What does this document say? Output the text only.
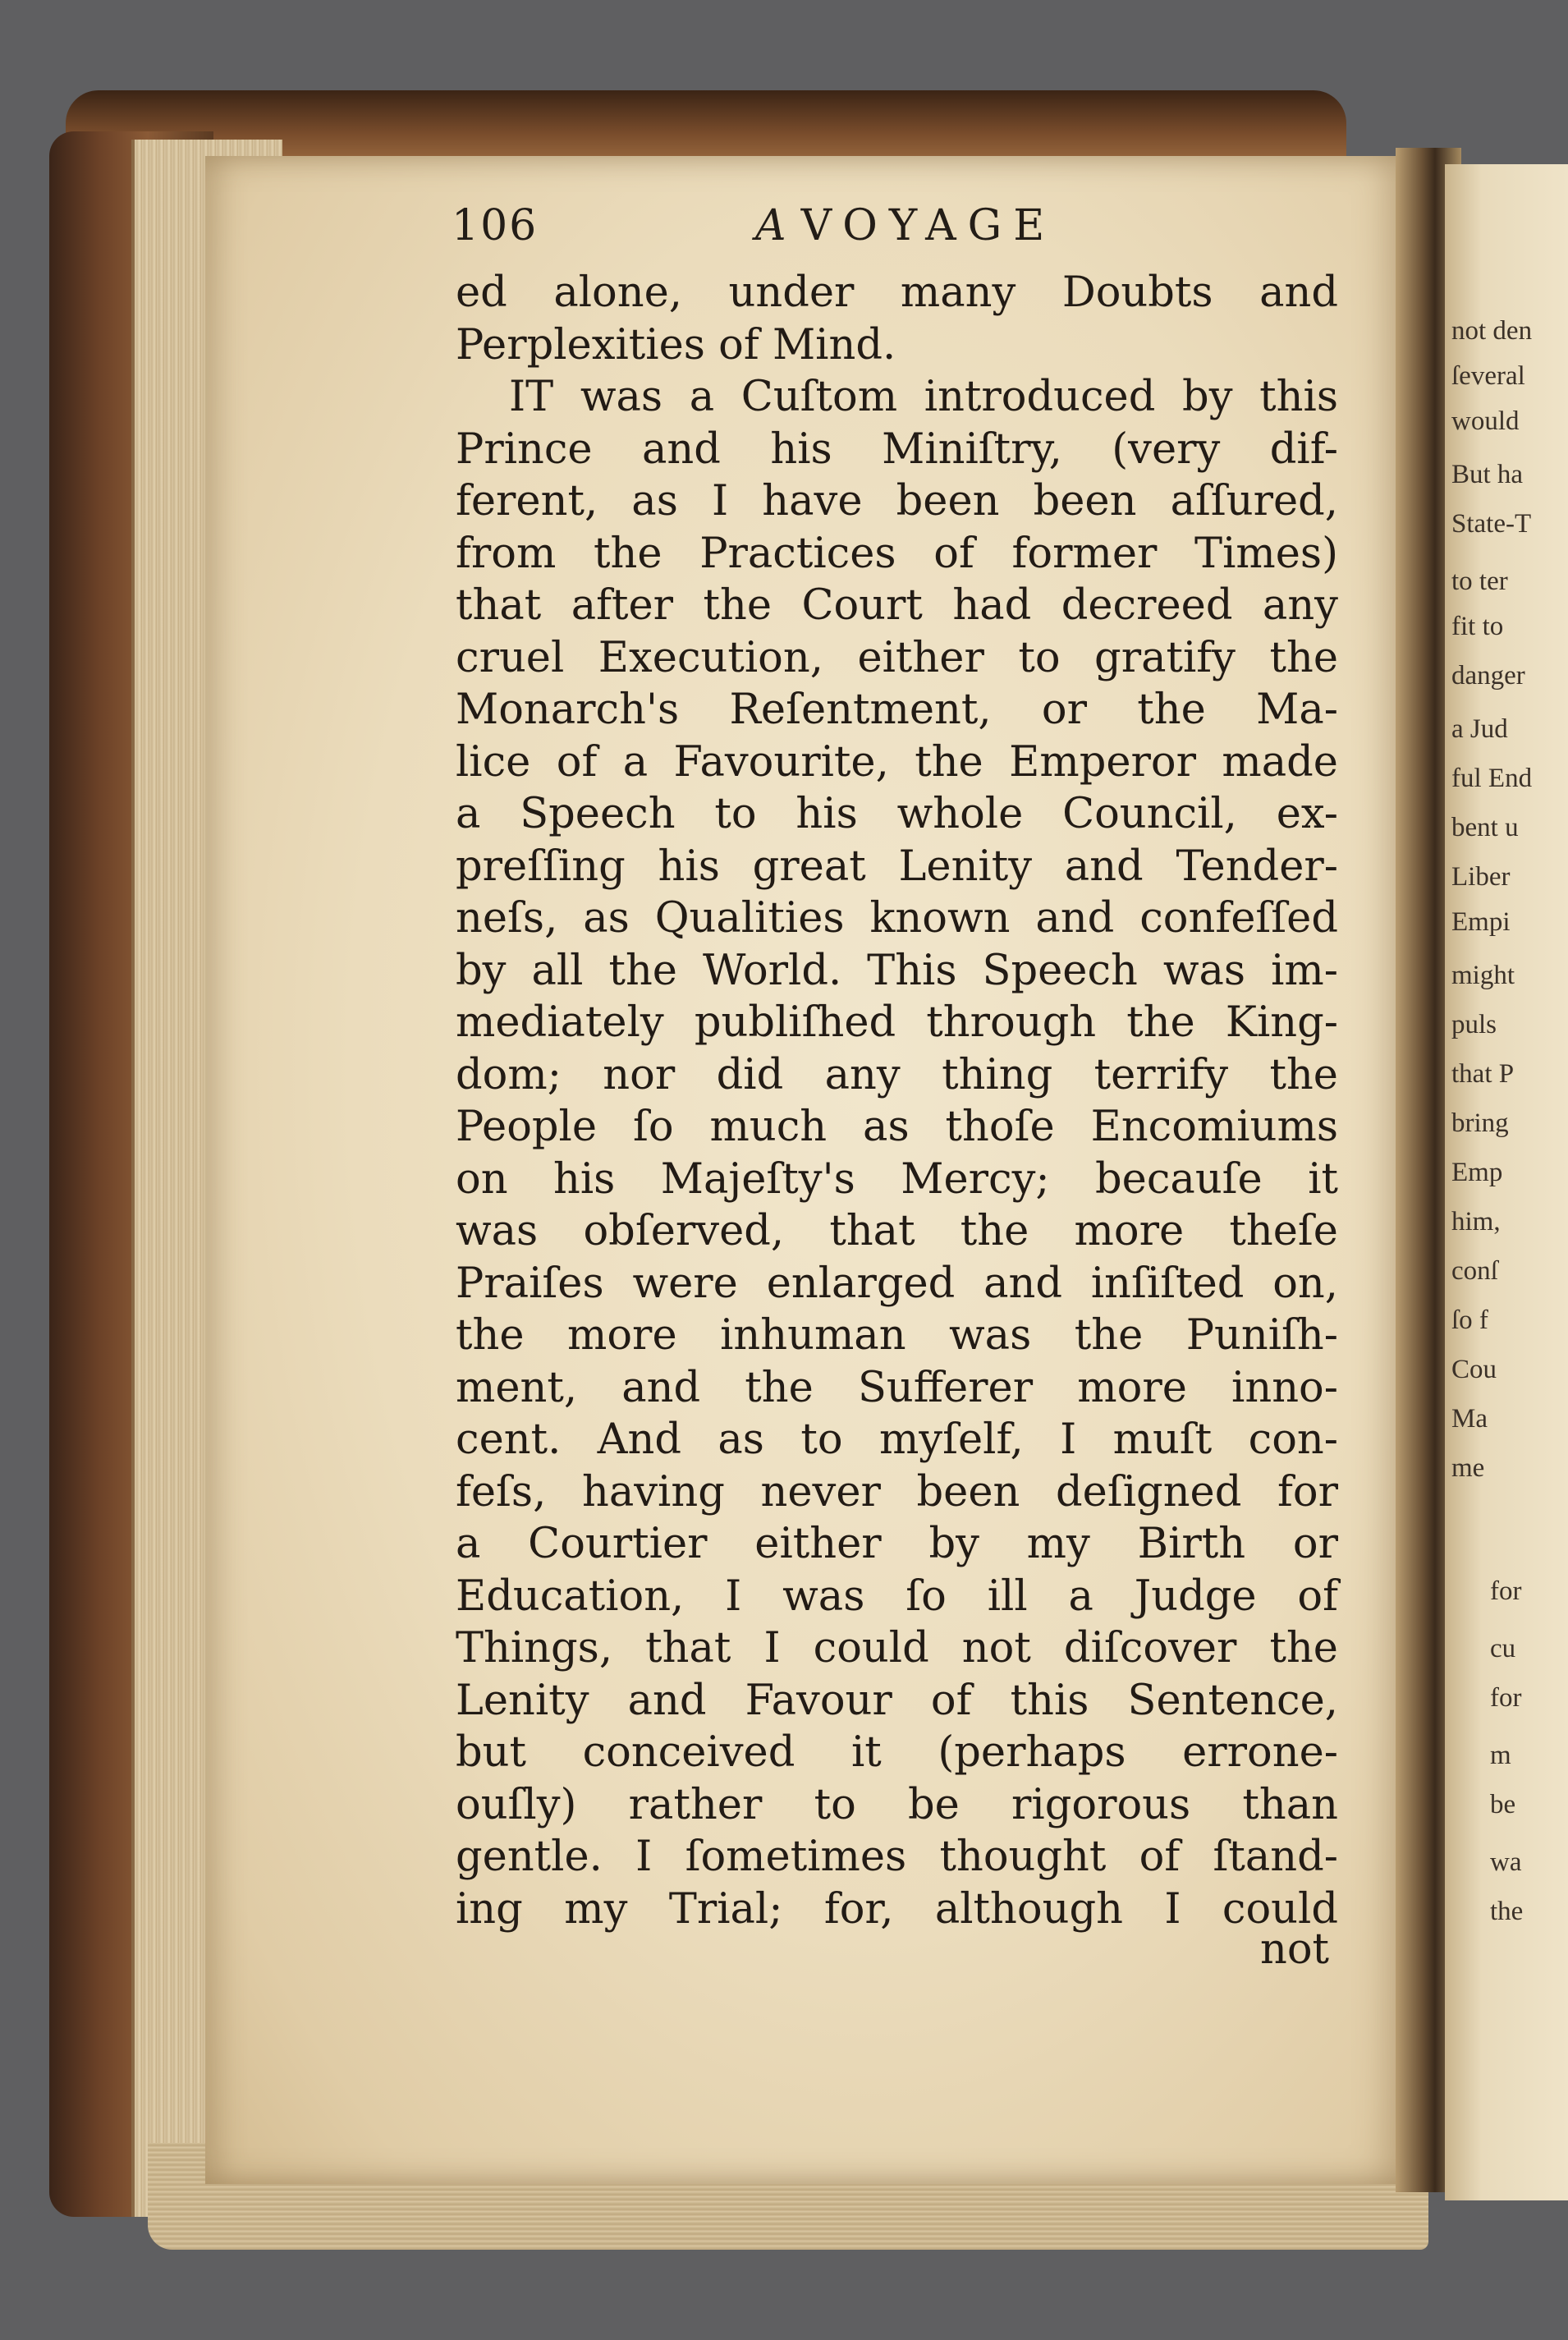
106	A VOYAGE
ed alone, under many Doubts and
Perplexities of Mind.
IT was a Cuſtom introduced by this
Prince and his Miniſtry, (very dif-
ferent, as I have been been aſſured,
from the Practices of former Times)
that after the Court had decreed any
cruel Execution, either to gratify the
Monarch's Reſentment, or the Ma-
lice of a Favourite, the Emperor made
a Speech to his whole Council, ex-
preſſing his great Lenity and Tender-
neſs, as Qualities known and confeſſed
by all the World. This Speech was im-
mediately publiſhed through the King-
dom; nor did any thing terrify the
People ſo much as thoſe Encomiums
on his Majeſty's Mercy; becauſe it
was obſerved, that the more theſe
Praiſes were enlarged and inſiſted on,
the more inhuman was the Puniſh-
ment, and the Sufferer more inno-
cent. And as to myſelf, I muſt con-
feſs, having never been deſigned for
a Courtier either by my Birth or
Education, I was ſo ill a Judge of
Things, that I could not diſcover the
Lenity and Favour of this Sentence,
but conceived it (perhaps errone-
ouſly) rather to be rigorous than
gentle. I ſometimes thought of ſtand-
ing my Trial; for, although I could
not
not den
ſeveral
would
But ha
State-T
to ter
fit to
danger
a Jud
ful End
bent u
Liber
Empi
might
puls
that P
bring
Emp
him,
conſ
ſo f
Cou
Ma
me
for
cu
for
m
be
wa
the
